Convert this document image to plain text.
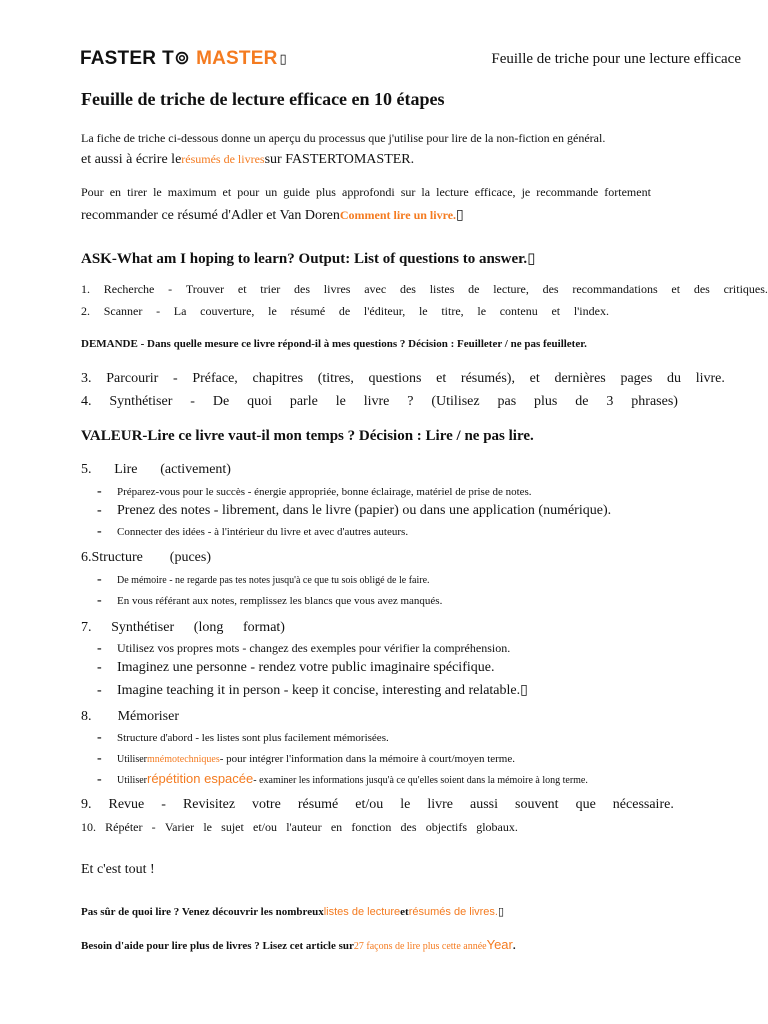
FASTER T⊚ MASTER ▯	Feuille de triche pour une lecture efficace
Feuille de triche de lecture efficace en 10 étapes
La fiche de triche ci-dessous donne un aperçu du processus que j'utilise pour lire de la non-fiction en général.
et aussi à écrire lerésumés de livressur FASTERTOMASTER.
Pour en tirer le maximum et pour un guide plus approfondi sur la lecture efficace, je recommande fortement
recommander ce résumé d'Adler et Van DorenComment lire un livre.▯
ASK-What am I hoping to learn? Output: List of questions to answer.▯
1. Recherche - Trouver et trier des livres avec des listes de lecture, des recommandations et des critiques.
2. Scanner - La couverture, le résumé de l'éditeur, le titre, le contenu et l'index.
DEMANDE - Dans quelle mesure ce livre répond-il à mes questions ? Décision : Feuilleter / ne pas feuilleter.
3. Parcourir - Préface, chapitres (titres, questions et résumés), et dernières pages du livre.
4. Synthétiser - De quoi parle le livre ? (Utilisez pas plus de 3 phrases)
VALEUR-Lire ce livre vaut-il mon temps ? Décision : Lire / ne pas lire.
5. Lire (activement)
-	Préparez-vous pour le succès - énergie appropriée, bonne éclairage, matériel de prise de notes.
-	Prenez des notes - librement, dans le livre (papier) ou dans une application (numérique).
-	Connecter des idées - à l'intérieur du livre et avec d'autres auteurs.
6.Structure (puces)
-	De mémoire - ne regarde pas tes notes jusqu'à ce que tu sois obligé de le faire.
-	En vous référant aux notes, remplissez les blancs que vous avez manqués.
7. Synthétiser (long format)
-	Utilisez vos propres mots - changez des exemples pour vérifier la compréhension.
-	Imaginez une personne - rendez votre public imaginaire spécifique.
-	Imagine teaching it in person - keep it concise, interesting and relatable. ▯
8. Mémoriser
-	Structure d'abord - les listes sont plus facilement mémorisées.
-	Utiliser mnémotechniques - pour intégrer l'information dans la mémoire à court/moyen terme.
-	Utiliser répétition espacée - examiner les informations jusqu'à ce qu'elles soient dans la mémoire à long terme.
9. Revue - Revisitez votre résumé et/ou le livre aussi souvent que nécessaire.
10. Répéter - Varier le sujet et/ou l'auteur en fonction des objectifs globaux.
Et c'est tout !
Pas sûr de quoi lire ? Venez découvrir les nombreuxlistes de lectureetrésumés de livres.▯
Besoin d'aide pour lire plus de livres ? Lisez cet article sur27 façons de lire plus cette annéeYear.
